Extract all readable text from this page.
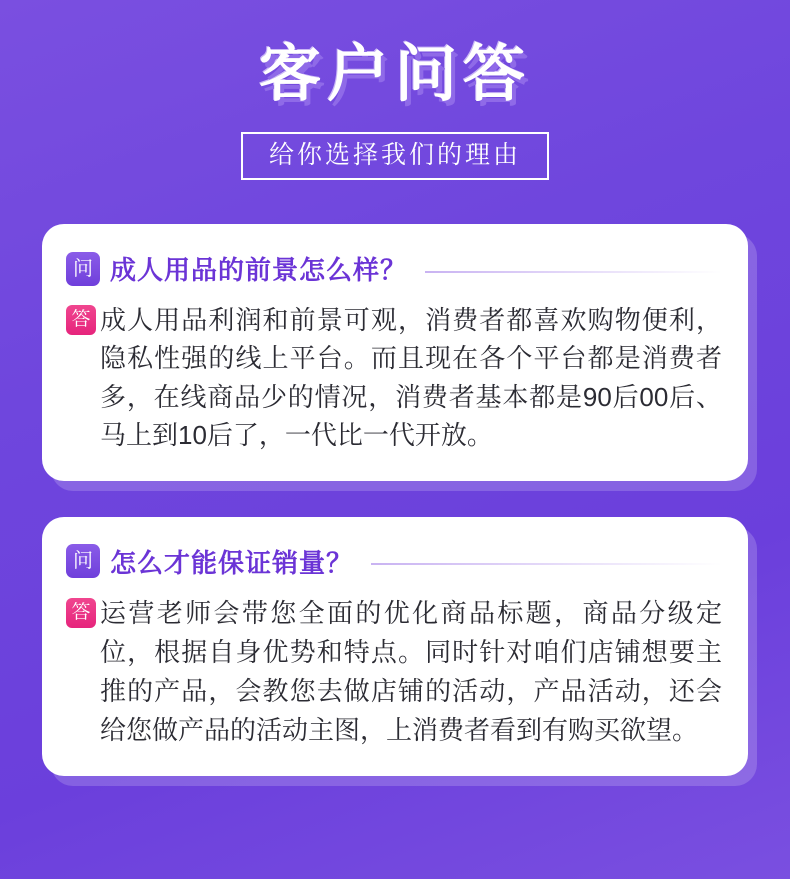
客户问答
给你选择我们的理由
问 成人用品的前景怎么样？
答 成人用品利润和前景可观，消费者都喜欢购物便利，隐私性强的线上平台。而且现在各个平台都是消费者多，在线商品少的情况，消费者基本都是90后00后、马上到10后了，一代比一代开放。
问 怎么才能保证销量？
答 运营老师会带您全面的优化商品标题，商品分级定位，根据自身优势和特点。同时针对咱们店铺想要主推的产品，会教您去做店铺的活动，产品活动，还会给您做产品的活动主图，上消费者看到有购买欲望。
